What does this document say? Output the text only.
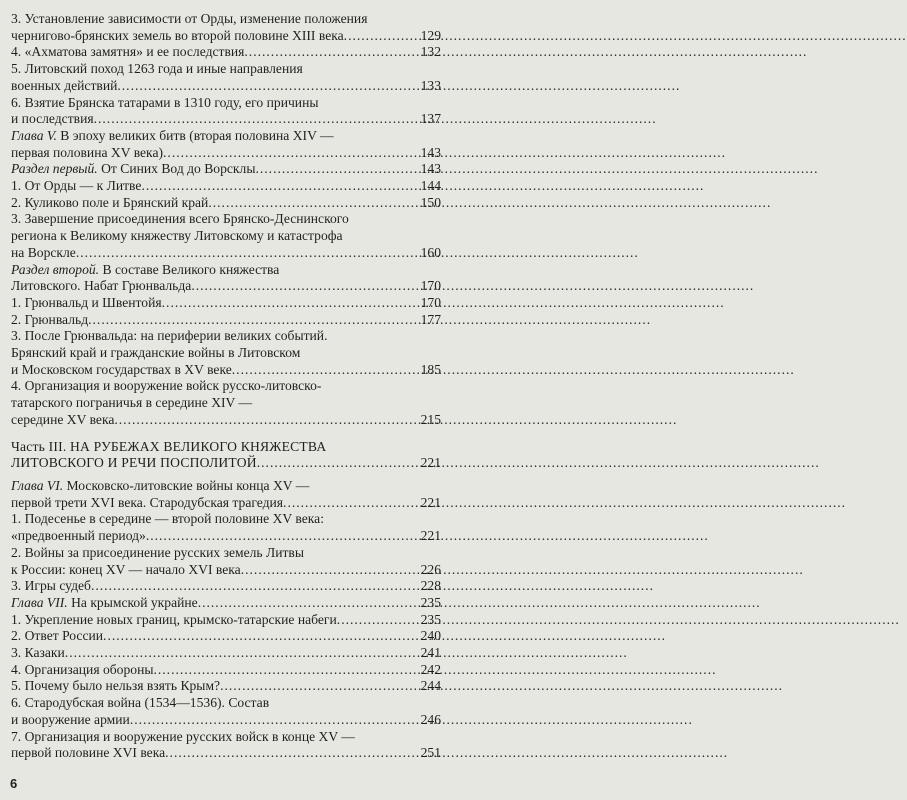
3. Установление зависимости от Орды, изменение положения
черниговo-брянских земель во второй половине XIII века .....	129
4. «Ахматова замятня» и ее последствия .....	132
5. Литовский поход 1263 года и иные направления
военных действий .....	133
6. Взятие Брянска татарами в 1310 году, его причины
и последствия .....	137
Глава V. В эпоху великих битв (вторая половина XIV —
первая половина XV века) .....	143
Раздел первый. От Синих Вод до Ворсклы .....	143
1. От Орды — к Литве .....	144
2. Куликово поле и Брянский край .....	150
3. Завершение присоединения всего Брянско-Деснинского
региона к Великому княжеству Литовскому и катастрофа
на Ворскле .....	160
Раздел второй. В составе Великого княжества
Литовского. Набат Грюнвальда .....	170
1. Грюнвальд и Швентойя .....	170
2. Грюнвальд .....	177
3. После Грюнвальда: на периферии великих событий.
Брянский край и гражданские войны в Литовском
и Московском государствах в XV веке .....	185
4. Организация и вооружение войск русско-литовско-
татарского пограничья в середине XIV —
середине XV века .....	215
Часть III. НА РУБЕЖАХ ВЕЛИКОГО КНЯЖЕСТВА
ЛИТОВСКОГО И РЕЧИ ПОСПОЛИТОЙ .....	221
Глава VI. Московско-литовские войны конца XV —
первой трети XVI века. Стародубская трагедия .....	221
1. Подесенье в середине — второй половине XV века:
«предвоенный период» .....	221
2. Войны за присоединение русских земель Литвы
к России: конец XV — начало XVI века .....	226
3. Игры судеб .....	228
Глава VII. На крымской украйне .....	235
1. Укрепление новых границ, крымско-татарские набеги .....	235
2. Ответ России .....	240
3. Казаки .....	241
4. Организация обороны .....	242
5. Почему было нельзя взять Крым? .....	244
6. Стародубская война (1534—1536). Состав
и вооружение армии .....	246
7. Организация и вооружение русских войск в конце XV —
первой половине XVI века .....	251
6
